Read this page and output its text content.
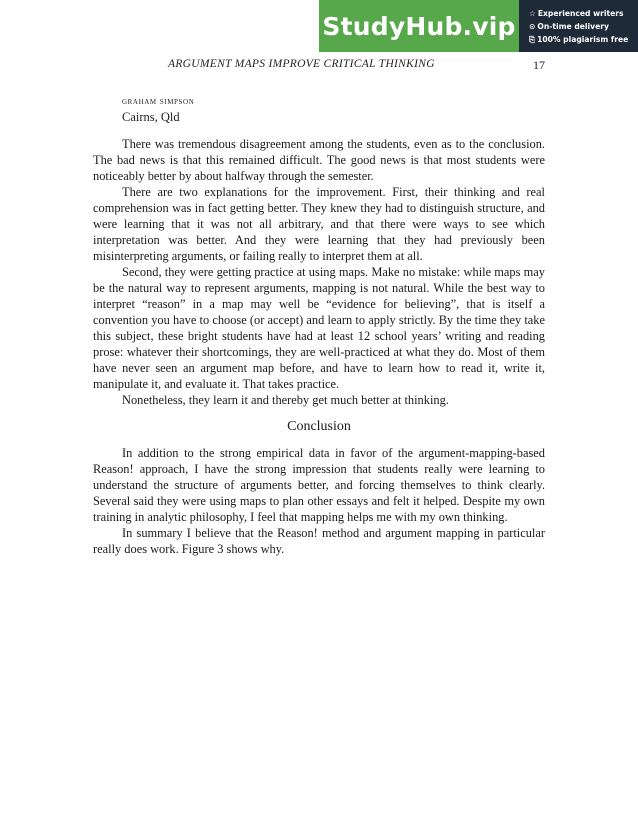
StudyHub.vip ☆ Experienced writers
⊙ On-time delivery
⎘ 100% plagiarism free
ARGUMENT MAPS IMPROVE CRITICAL THINKING	17
graham simpson
Cairns, Qld

There was tremendous disagreement among the students, even as to the conclusion. The bad news is that this remained difficult. The good news is that most students were noticeably better by about halfway through the semester.

There are two explanations for the improvement. First, their thinking and real comprehension was in fact getting better. They knew they had to distinguish structure, and were learning that it was not all arbitrary, and that there were ways to see which interpretation was better. And they were learning that they had previously been misinterpreting arguments, or failing really to interpret them at all.

Second, they were getting practice at using maps. Make no mistake: while maps may be the natural way to represent arguments, mapping is not natural. While the best way to interpret “reason” in a map may well be “evidence for believing”, that is itself a convention you have to choose (or accept) and learn to apply strictly. By the time they take this subject, these bright students have had at least 12 school years’ writing and reading prose: whatever their shortcomings, they are well-practiced at what they do. Most of them have never seen an argument map before, and have to learn how to read it, write it, manipulate it, and evaluate it. That takes practice.

Nonetheless, they learn it and thereby get much better at thinking.

Conclusion

In addition to the strong empirical data in favor of the argument-mapping-based Reason! approach, I have the strong impression that students really were learning to understand the structure of arguments better, and forcing themselves to think clearly. Several said they were using maps to plan other essays and felt it helped. Despite my own training in analytic philosophy, I feel that mapping helps me with my own thinking.

In summary I believe that the Reason! method and argument mapping in particular really does work. Figure 3 shows why.
